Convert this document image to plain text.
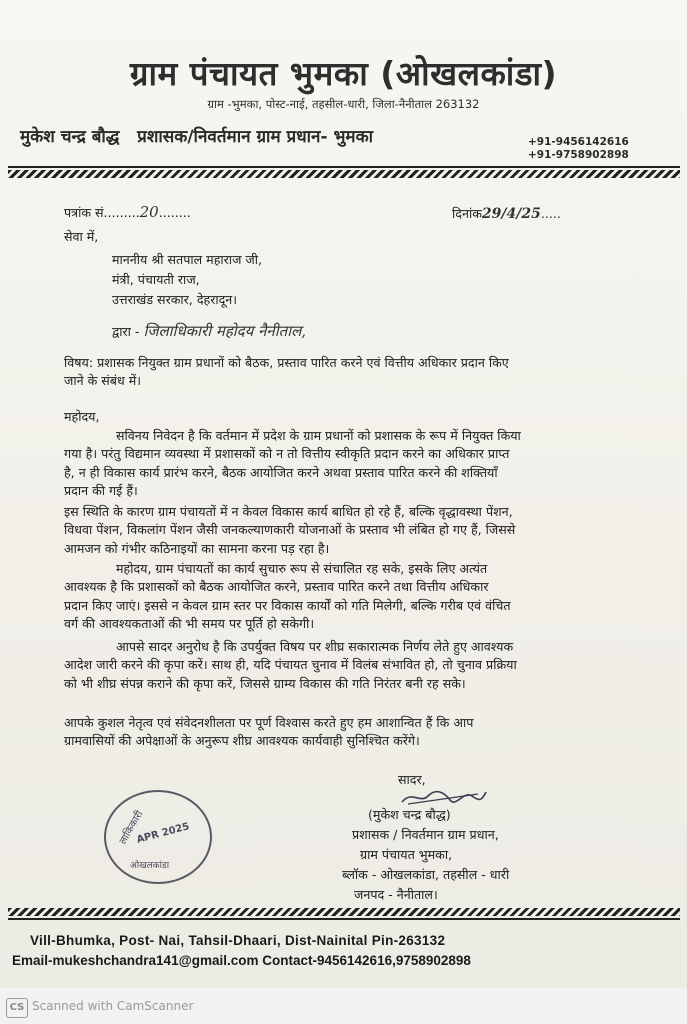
ग्राम पंचायत भुमका (ओखलकांडा)
ग्राम -भुमका, पोस्ट-नाई, तहसील-धारी, जिला-नैनीताल 263132
मुकेश चन्द्र बौद्ध प्रशासक/निवर्तमान ग्राम प्रधान- भुमका	+91-9456142616
+91-9758902898
पत्रांक सं.........20........	दिनांक29/4/25.....
सेवा में,
माननीय श्री सतपाल महाराज जी,
मंत्री, पंचायती राज,
उत्तराखंड सरकार, देहरादून।
द्वारा - जिलाधिकारी महोदय नैनीताल,
विषय: प्रशासक नियुक्त ग्राम प्रधानों को बैठक, प्रस्ताव पारित करने एवं वित्तीय अधिकार प्रदान किए
जाने के संबंध में।
महोदय,
सविनय निवेदन है कि वर्तमान में प्रदेश के ग्राम प्रधानों को प्रशासक के रूप में नियुक्त किया
गया है। परंतु विद्यमान व्यवस्था में प्रशासकों को न तो वित्तीय स्वीकृति प्रदान करने का अधिकार प्राप्त
है, न ही विकास कार्य प्रारंभ करने, बैठक आयोजित करने अथवा प्रस्ताव पारित करने की शक्तियाँ
प्रदान की गई हैं।
इस स्थिति के कारण ग्राम पंचायतों में न केवल विकास कार्य बाधित हो रहे हैं, बल्कि वृद्धावस्था पेंशन,
विधवा पेंशन, विकलांग पेंशन जैसी जनकल्याणकारी योजनाओं के प्रस्ताव भी लंबित हो गए हैं, जिससे
आमजन को गंभीर कठिनाइयों का सामना करना पड़ रहा है।
महोदय, ग्राम पंचायतों का कार्य सुचारु रूप से संचालित रह सके, इसके लिए अत्यंत
आवश्यक है कि प्रशासकों को बैठक आयोजित करने, प्रस्ताव पारित करने तथा वित्तीय अधिकार
प्रदान किए जाएं। इससे न केवल ग्राम स्तर पर विकास कार्यों को गति मिलेगी, बल्कि गरीब एवं वंचित
वर्ग की आवश्यकताओं की भी समय पर पूर्ति हो सकेगी।
आपसे सादर अनुरोध है कि उपर्युक्त विषय पर शीघ्र सकारात्मक निर्णय लेते हुए आवश्यक
आदेश जारी करने की कृपा करें। साथ ही, यदि पंचायत चुनाव में विलंब संभावित हो, तो चुनाव प्रक्रिया
को भी शीघ्र संपन्न कराने की कृपा करें, जिससे ग्राम्य विकास की गति निरंतर बनी रह सके।
आपके कुशल नेतृत्व एवं संवेदनशीलता पर पूर्ण विश्वास करते हुए हम आशान्वित हैं कि आप
ग्रामवासियों की अपेक्षाओं के अनुरूप शीघ्र आवश्यक कार्यवाही सुनिश्चित करेंगे।
सादर,
(मुकेश चन्द्र बौद्ध)
प्रशासक / निवर्तमान ग्राम प्रधान,
ग्राम पंचायत भुमका,
ब्लॉक - ओखलकांडा, तहसील - धारी
जनपद - नैनीताल।
लाकिकारी
APR 2025
ओखलकांडा
Vill-Bhumka, Post- Nai, Tahsil-Dhaari, Dist-Nainital Pin-263132
Email-mukeshchandra141@gmail.com Contact-9456142616,9758902898
CS Scanned with CamScanner
